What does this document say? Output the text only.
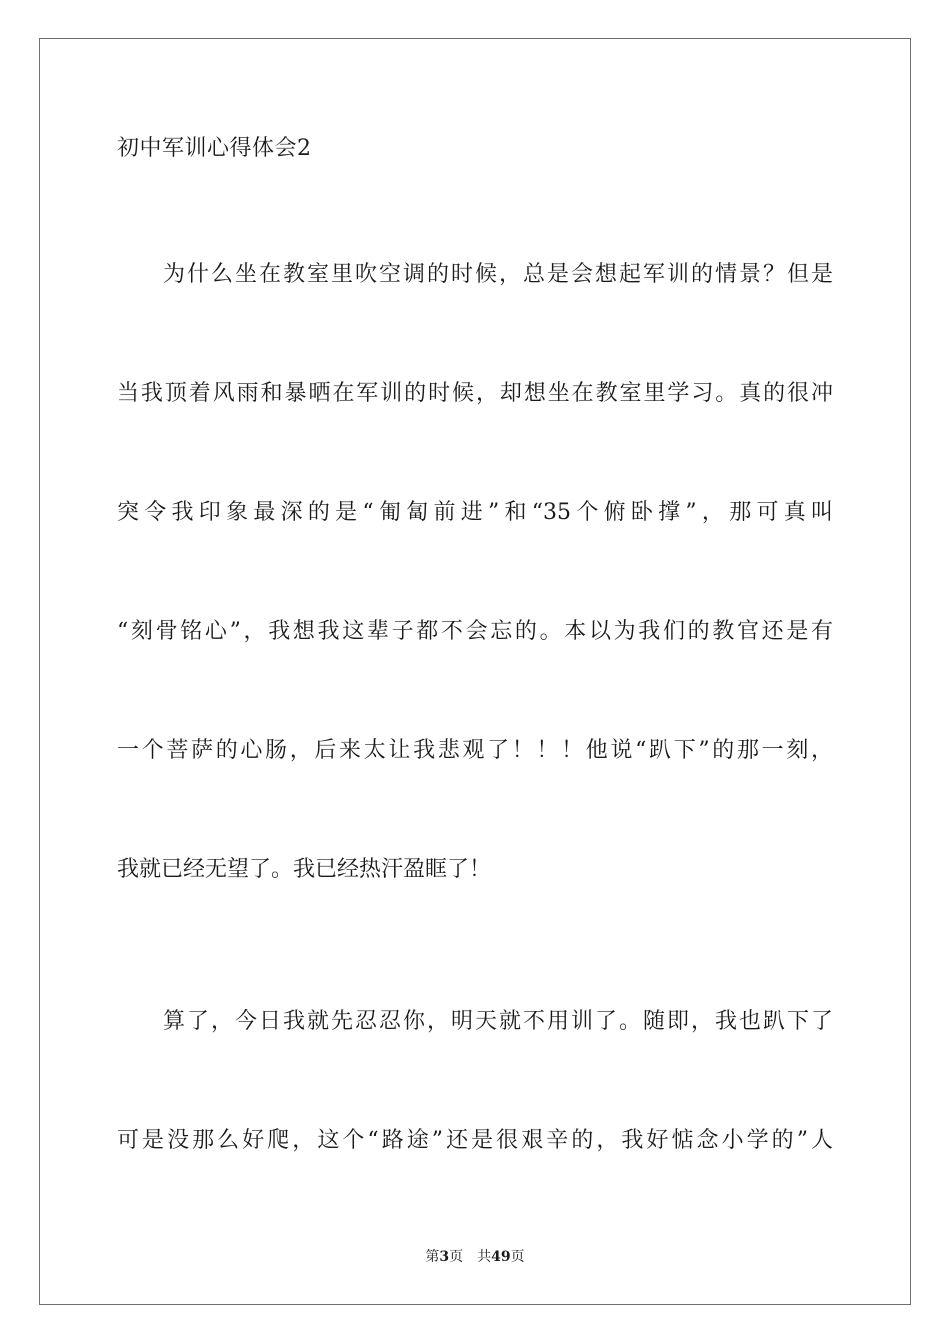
初中军训心得体会2
为什么坐在教室里吹空调的时候，总是会想起军训的情景？但是
当我顶着风雨和暴晒在军训的时候，却想坐在教室里学习。真的很冲
突令我印象最深的是“匍匐前进”和“35个俯卧撑”，那可真叫
“刻骨铭心”，我想我这辈子都不会忘的。本以为我们的教官还是有
一个菩萨的心肠，后来太让我悲观了！！！他说“趴下”的那一刻，
我就已经无望了。我已经热汗盈眶了！
算了，今日我就先忍忍你，明天就不用训了。随即，我也趴下了
可是没那么好爬，这个“路途”还是很艰辛的，我好惦念小学的”人
第3页 共49页
